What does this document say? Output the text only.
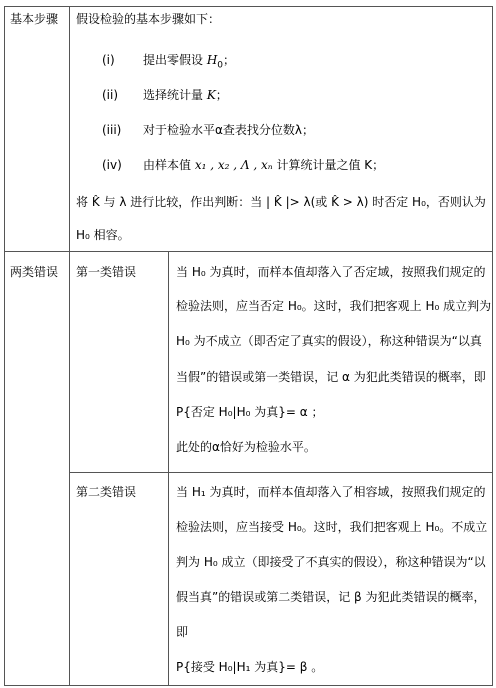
基本步骤 假设检验的基本步骤如下：
(i) 提出零假设 $H_0$；
(ii) 选择统计量 K；
(iii) 对于检验水平α查表找分位数λ；
(iv) 由样本值 x₁ , x₂ , Λ , xₙ 计算统计量之值 K；
将 K̂ 与 λ 进行比较，作出判断：当 | K̂ |> λ(或 K̂ > λ) 时否定 H₀，否则认为
H₀ 相容。
两类错误 第一类错误	当 H₀ 为真时，而样本值却落入了否定域，按照我们规定的
检验法则，应当否定 H₀。这时，我们把客观上 H₀ 成立判为
H₀ 为不成立（即否定了真实的假设），称这种错误为“以真
当假”的错误或第一类错误，记 α 为犯此类错误的概率，即
P{否定 H₀|H₀ 为真}= α ；
此处的α恰好为检验水平。
第二类错误	当 H₁ 为真时，而样本值却落入了相容域，按照我们规定的
检验法则，应当接受 H₀。这时，我们把客观上 H₀。不成立
判为 H₀ 成立（即接受了不真实的假设），称这种错误为“以
假当真”的错误或第二类错误，记 β 为犯此类错误的概率，
即
P{接受 H₀|H₁ 为真}= β 。
